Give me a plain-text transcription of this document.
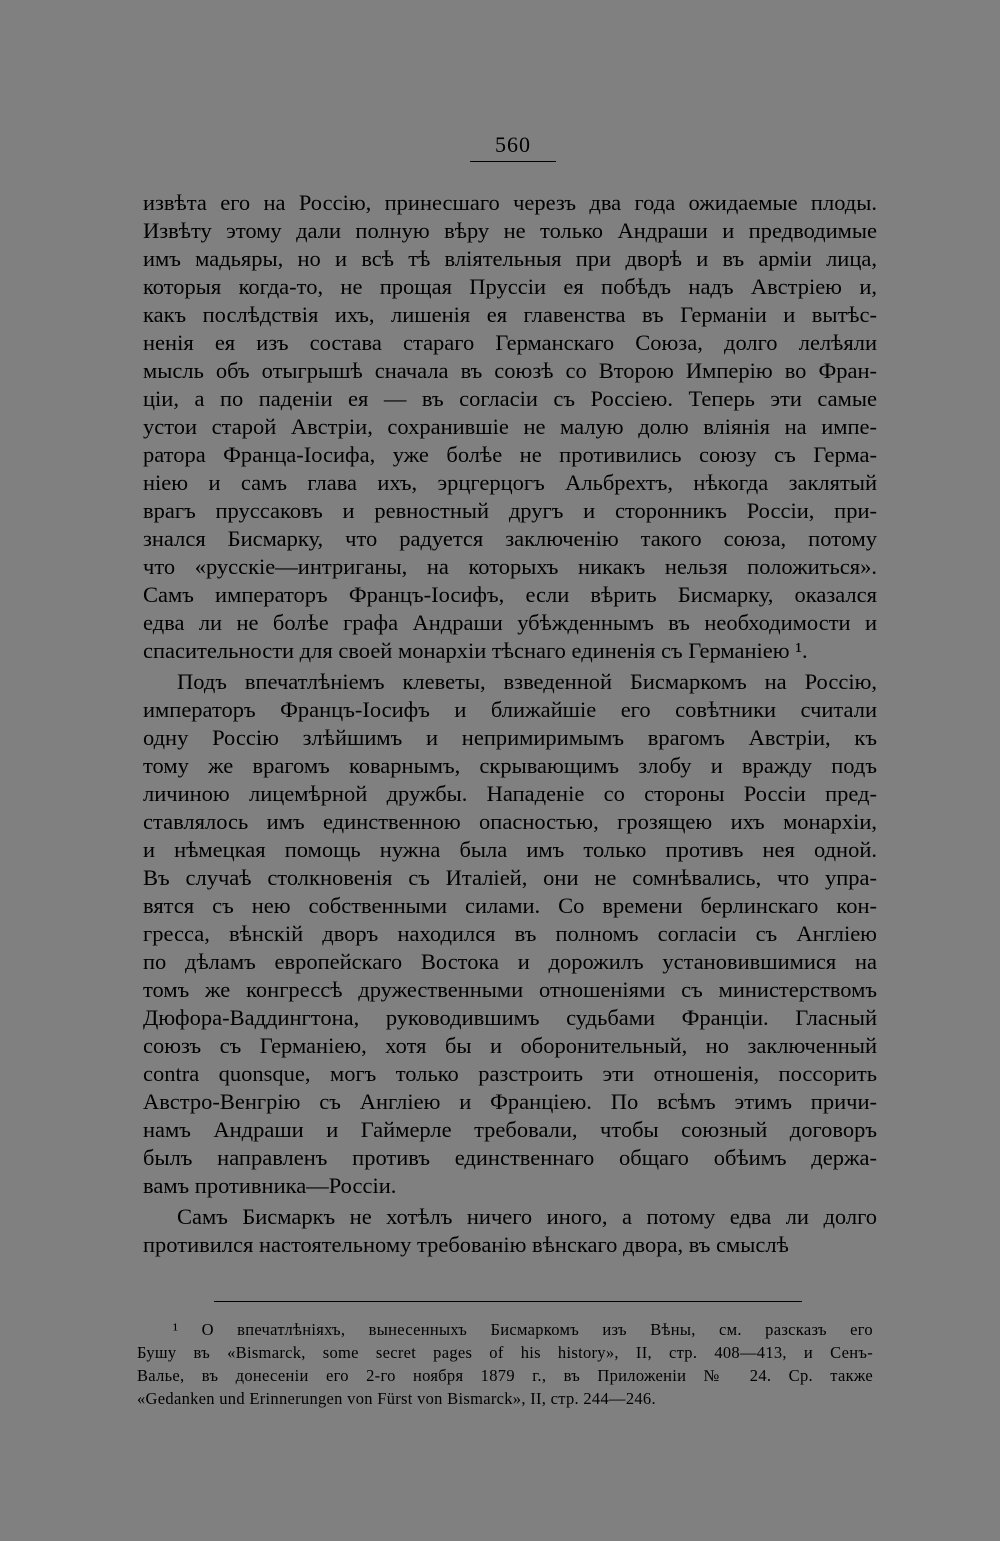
560
извѣта его на Россію, принесшаго черезъ два года ожидаемые плоды.
Извѣту этому дали полную вѣру не только Андраши и предводимые
имъ мадьяры, но и всѣ тѣ вліятельныя при дворѣ и въ арміи лица,
которыя когда-то, не прощая Пруссіи ея побѣдъ надъ Австріею и,
какъ послѣдствія ихъ, лишенія ея главенства въ Германіи и вытѣс-
ненія ея изъ состава стараго Германскаго Союза, долго лелѣяли
мысль объ отыгрышѣ сначала въ союзѣ со Второю Имперію во Фран-
ціи, а по паденіи ея — въ согласіи съ Россіею. Теперь эти самые
устои старой Австріи, сохранившіе не малую долю вліянія на импе-
ратора Франца-Іосифа, уже болѣе не противились союзу съ Герма-
ніею и самъ глава ихъ, эрцгерцогъ Альбрехтъ, нѣкогда заклятый
врагъ пруссаковъ и ревностный другъ и сторонникъ Россіи, при-
знался Бисмарку, что радуется заключенію такого союза, потому
что «русскіе—интриганы, на которыхъ никакъ нельзя положиться».
Самъ императоръ Францъ-Іосифъ, если вѣрить Бисмарку, оказался
едва ли не болѣе графа Андраши убѣжденнымъ въ необходимости и
спасительности для своей монархіи тѣснаго единенія съ Германіею ¹.
Подъ впечатлѣніемъ клеветы, взведенной Бисмаркомъ на Россію,
императоръ Францъ-Іосифъ и ближайшіе его совѣтники считали
одну Россію злѣйшимъ и непримиримымъ врагомъ Австріи, къ
тому же врагомъ коварнымъ, скрывающимъ злобу и вражду подъ
личиною лицемѣрной дружбы. Нападеніе со стороны Россіи пред-
ставлялось имъ единственною опасностью, грозящею ихъ монархіи,
и нѣмецкая помощь нужна была имъ только противъ нея одной.
Въ случаѣ столкновенія съ Италіей, они не сомнѣвались, что упра-
вятся съ нею собственными силами. Со времени берлинскаго кон-
гресса, вѣнскій дворъ находился въ полномъ согласіи съ Англіею
по дѣламъ европейскаго Востока и дорожилъ установившимися на
томъ же конгрессѣ дружественными отношеніями съ министерствомъ
Дюфора-Ваддингтона, руководившимъ судьбами Франціи. Гласный
союзъ съ Германіею, хотя бы и оборонительный, но заключенный
contra quonsque, могъ только разстроить эти отношенія, поссорить
Австро-Венгрію съ Англіею и Франціею. По всѣмъ этимъ причи-
намъ Андраши и Гаймерле требовали, чтобы союзный договоръ
былъ направленъ противъ единственнаго общаго обѣимъ держа-
вамъ противника—Россіи.
Самъ Бисмаркъ не хотѣлъ ничего иного, а потому едва ли долго
противился настоятельному требованію вѣнскаго двора, въ смыслѣ
¹ О впечатлѣніяхъ, вынесенныхъ Бисмаркомъ изъ Вѣны, см. разсказъ его
Бушу въ «Bismarck, some secret pages of his history», II, стр. 408—413, и Сенъ-
Валье, въ донесеніи его 2-го ноября 1879 г., въ Приложеніи № 24. Ср. также
«Gedanken und Erinnerungen von Fürst von Bismarck», II, стр. 244—246.
